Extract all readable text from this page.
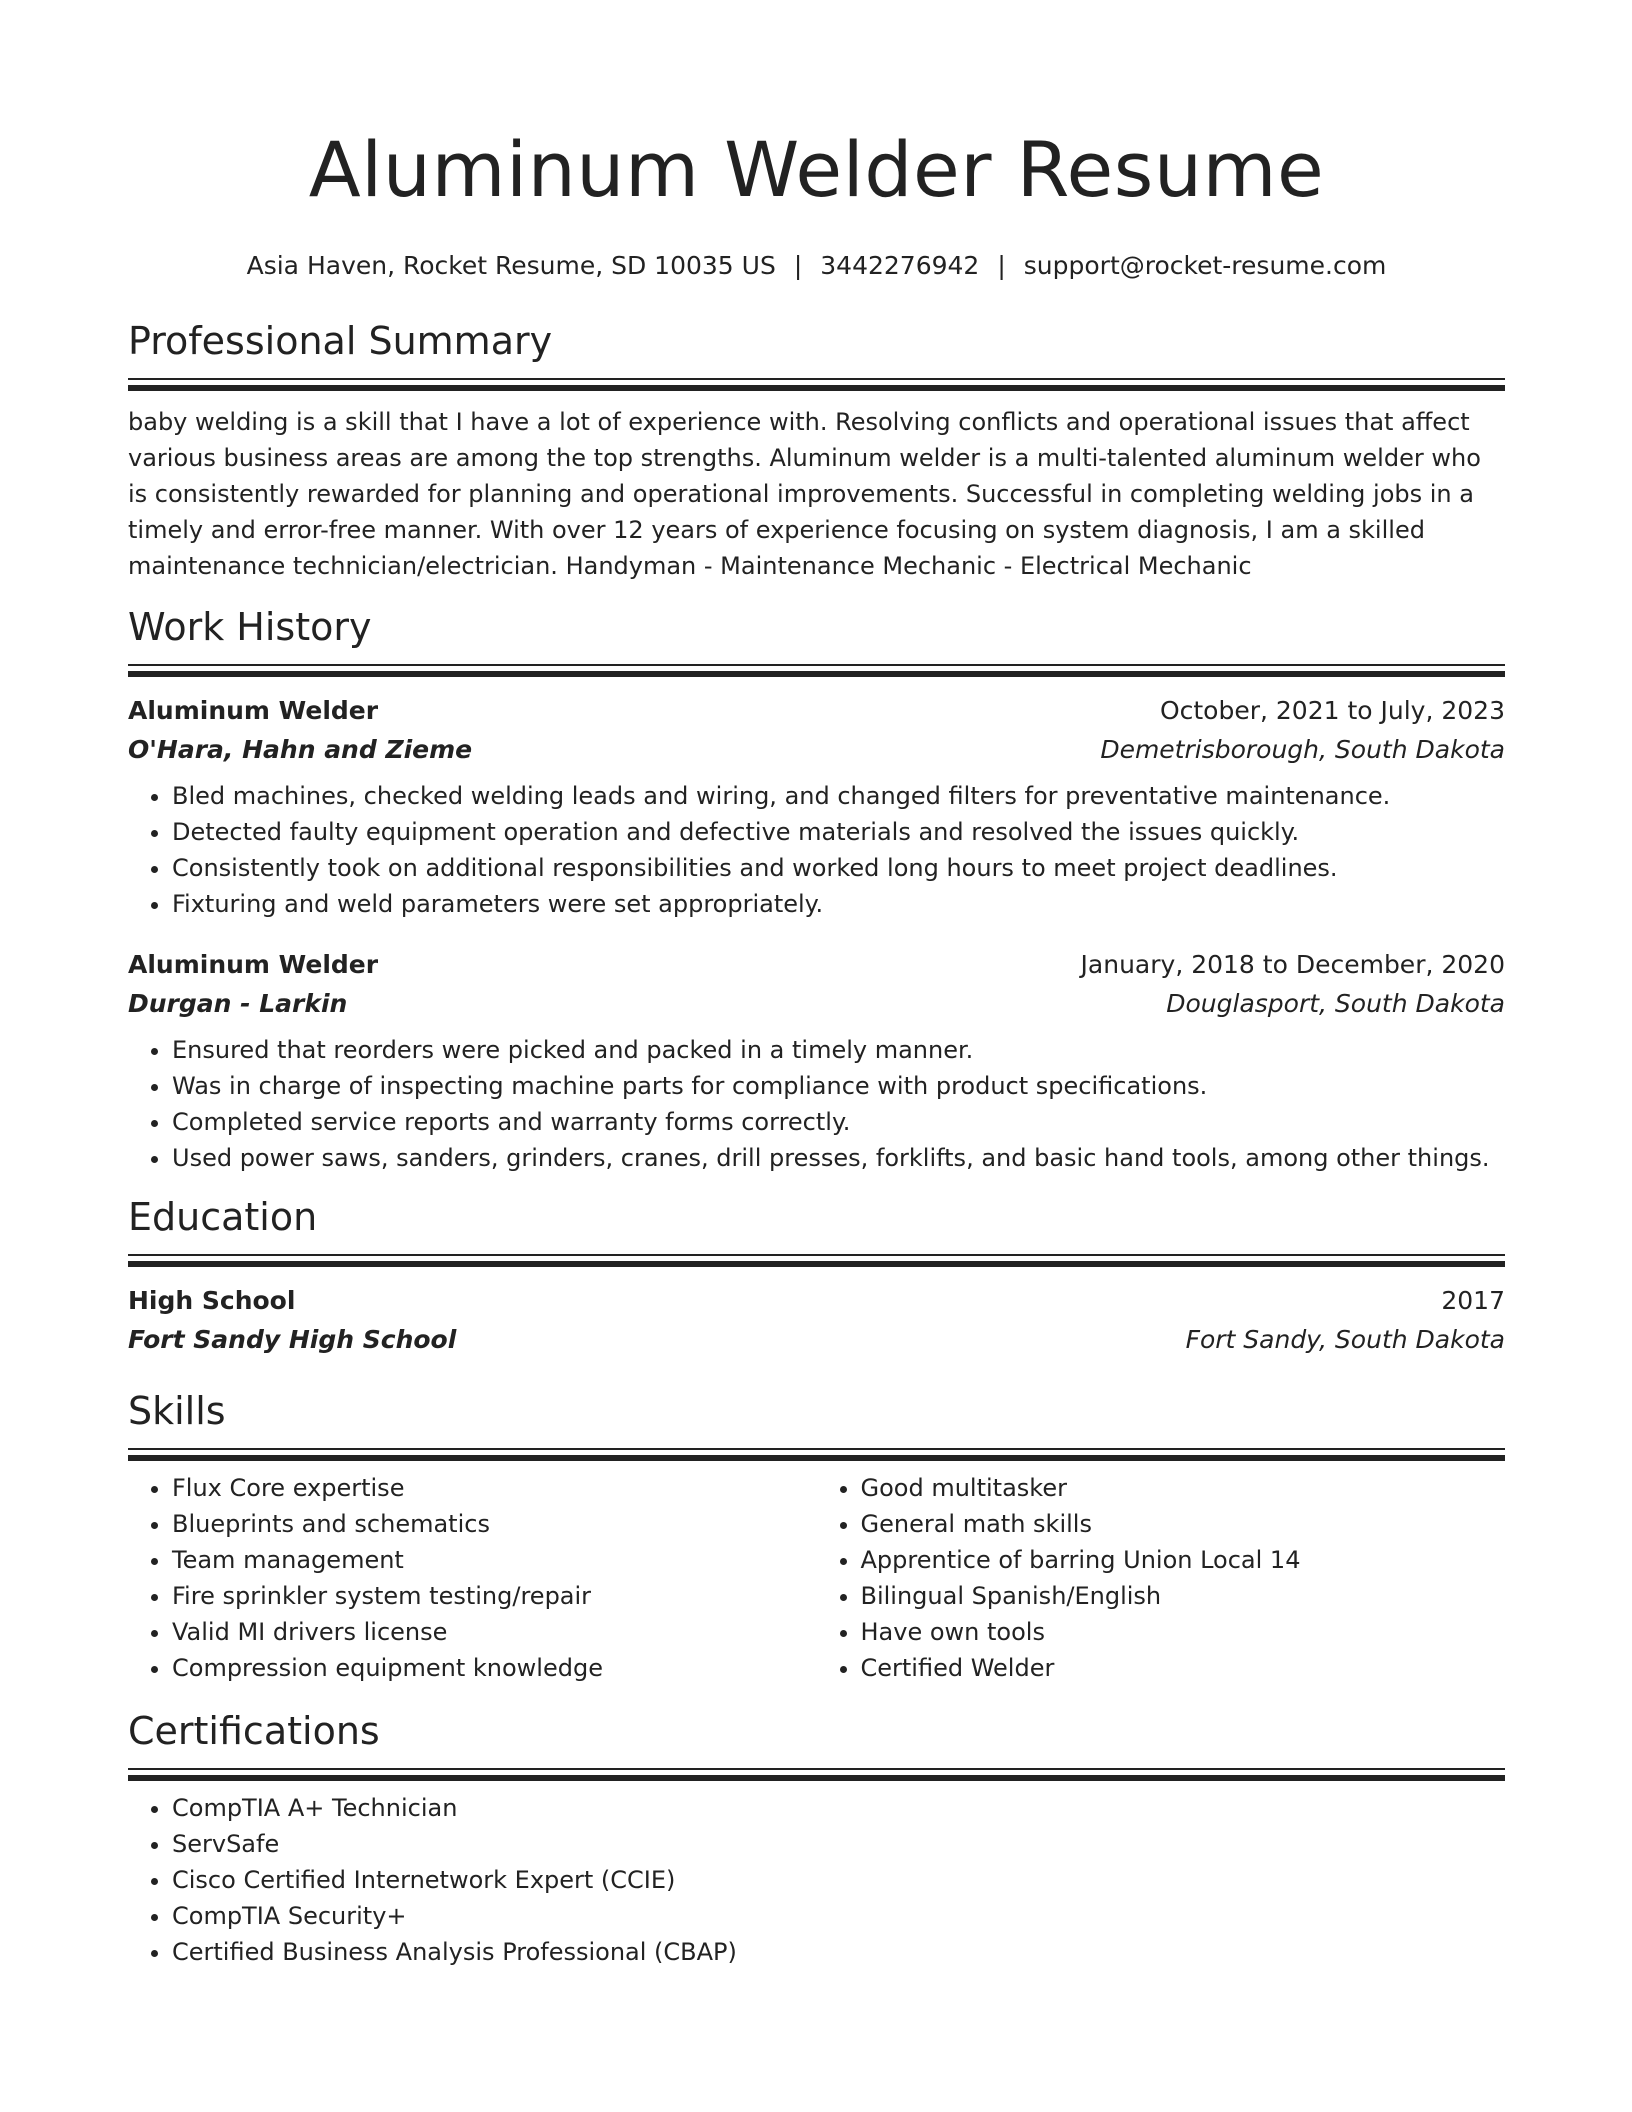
Aluminum Welder Resume
Asia Haven, Rocket Resume, SD 10035 US | 3442276942 | support@rocket-resume.com
Professional Summary

baby welding is a skill that I have a lot of experience with. Resolving conflicts and operational issues that affect various business areas are among the top strengths. Aluminum welder is a multi-talented aluminum welder who is consistently rewarded for planning and operational improvements. Successful in completing welding jobs in a timely and error-free manner. With over 12 years of experience focusing on system diagnosis, I am a skilled maintenance technician/electrician. Handyman - Maintenance Mechanic - Electrical Mechanic

Work History
Aluminum Welder	October, 2021 to July, 2023
O'Hara, Hahn and Zieme	Demetrisborough, South Dakota
• Bled machines, checked welding leads and wiring, and changed filters for preventative maintenance.
• Detected faulty equipment operation and defective materials and resolved the issues quickly.
• Consistently took on additional responsibilities and worked long hours to meet project deadlines.
• Fixturing and weld parameters were set appropriately.
Aluminum Welder	January, 2018 to December, 2020
Durgan - Larkin	Douglasport, South Dakota
• Ensured that reorders were picked and packed in a timely manner.
• Was in charge of inspecting machine parts for compliance with product specifications.
• Completed service reports and warranty forms correctly.
• Used power saws, sanders, grinders, cranes, drill presses, forklifts, and basic hand tools, among other things.
Education
High School	2017
Fort Sandy High School	Fort Sandy, South Dakota
Skills
• Flux Core expertise
• Blueprints and schematics
• Team management
• Fire sprinkler system testing/repair
• Valid MI drivers license
• Compression equipment knowledge
• Good multitasker
• General math skills
• Apprentice of barring Union Local 14
• Bilingual Spanish/English
• Have own tools
• Certified Welder
Certifications
• CompTIA A+ Technician
• ServSafe
• Cisco Certified Internetwork Expert (CCIE)
• CompTIA Security+
• Certified Business Analysis Professional (CBAP)
